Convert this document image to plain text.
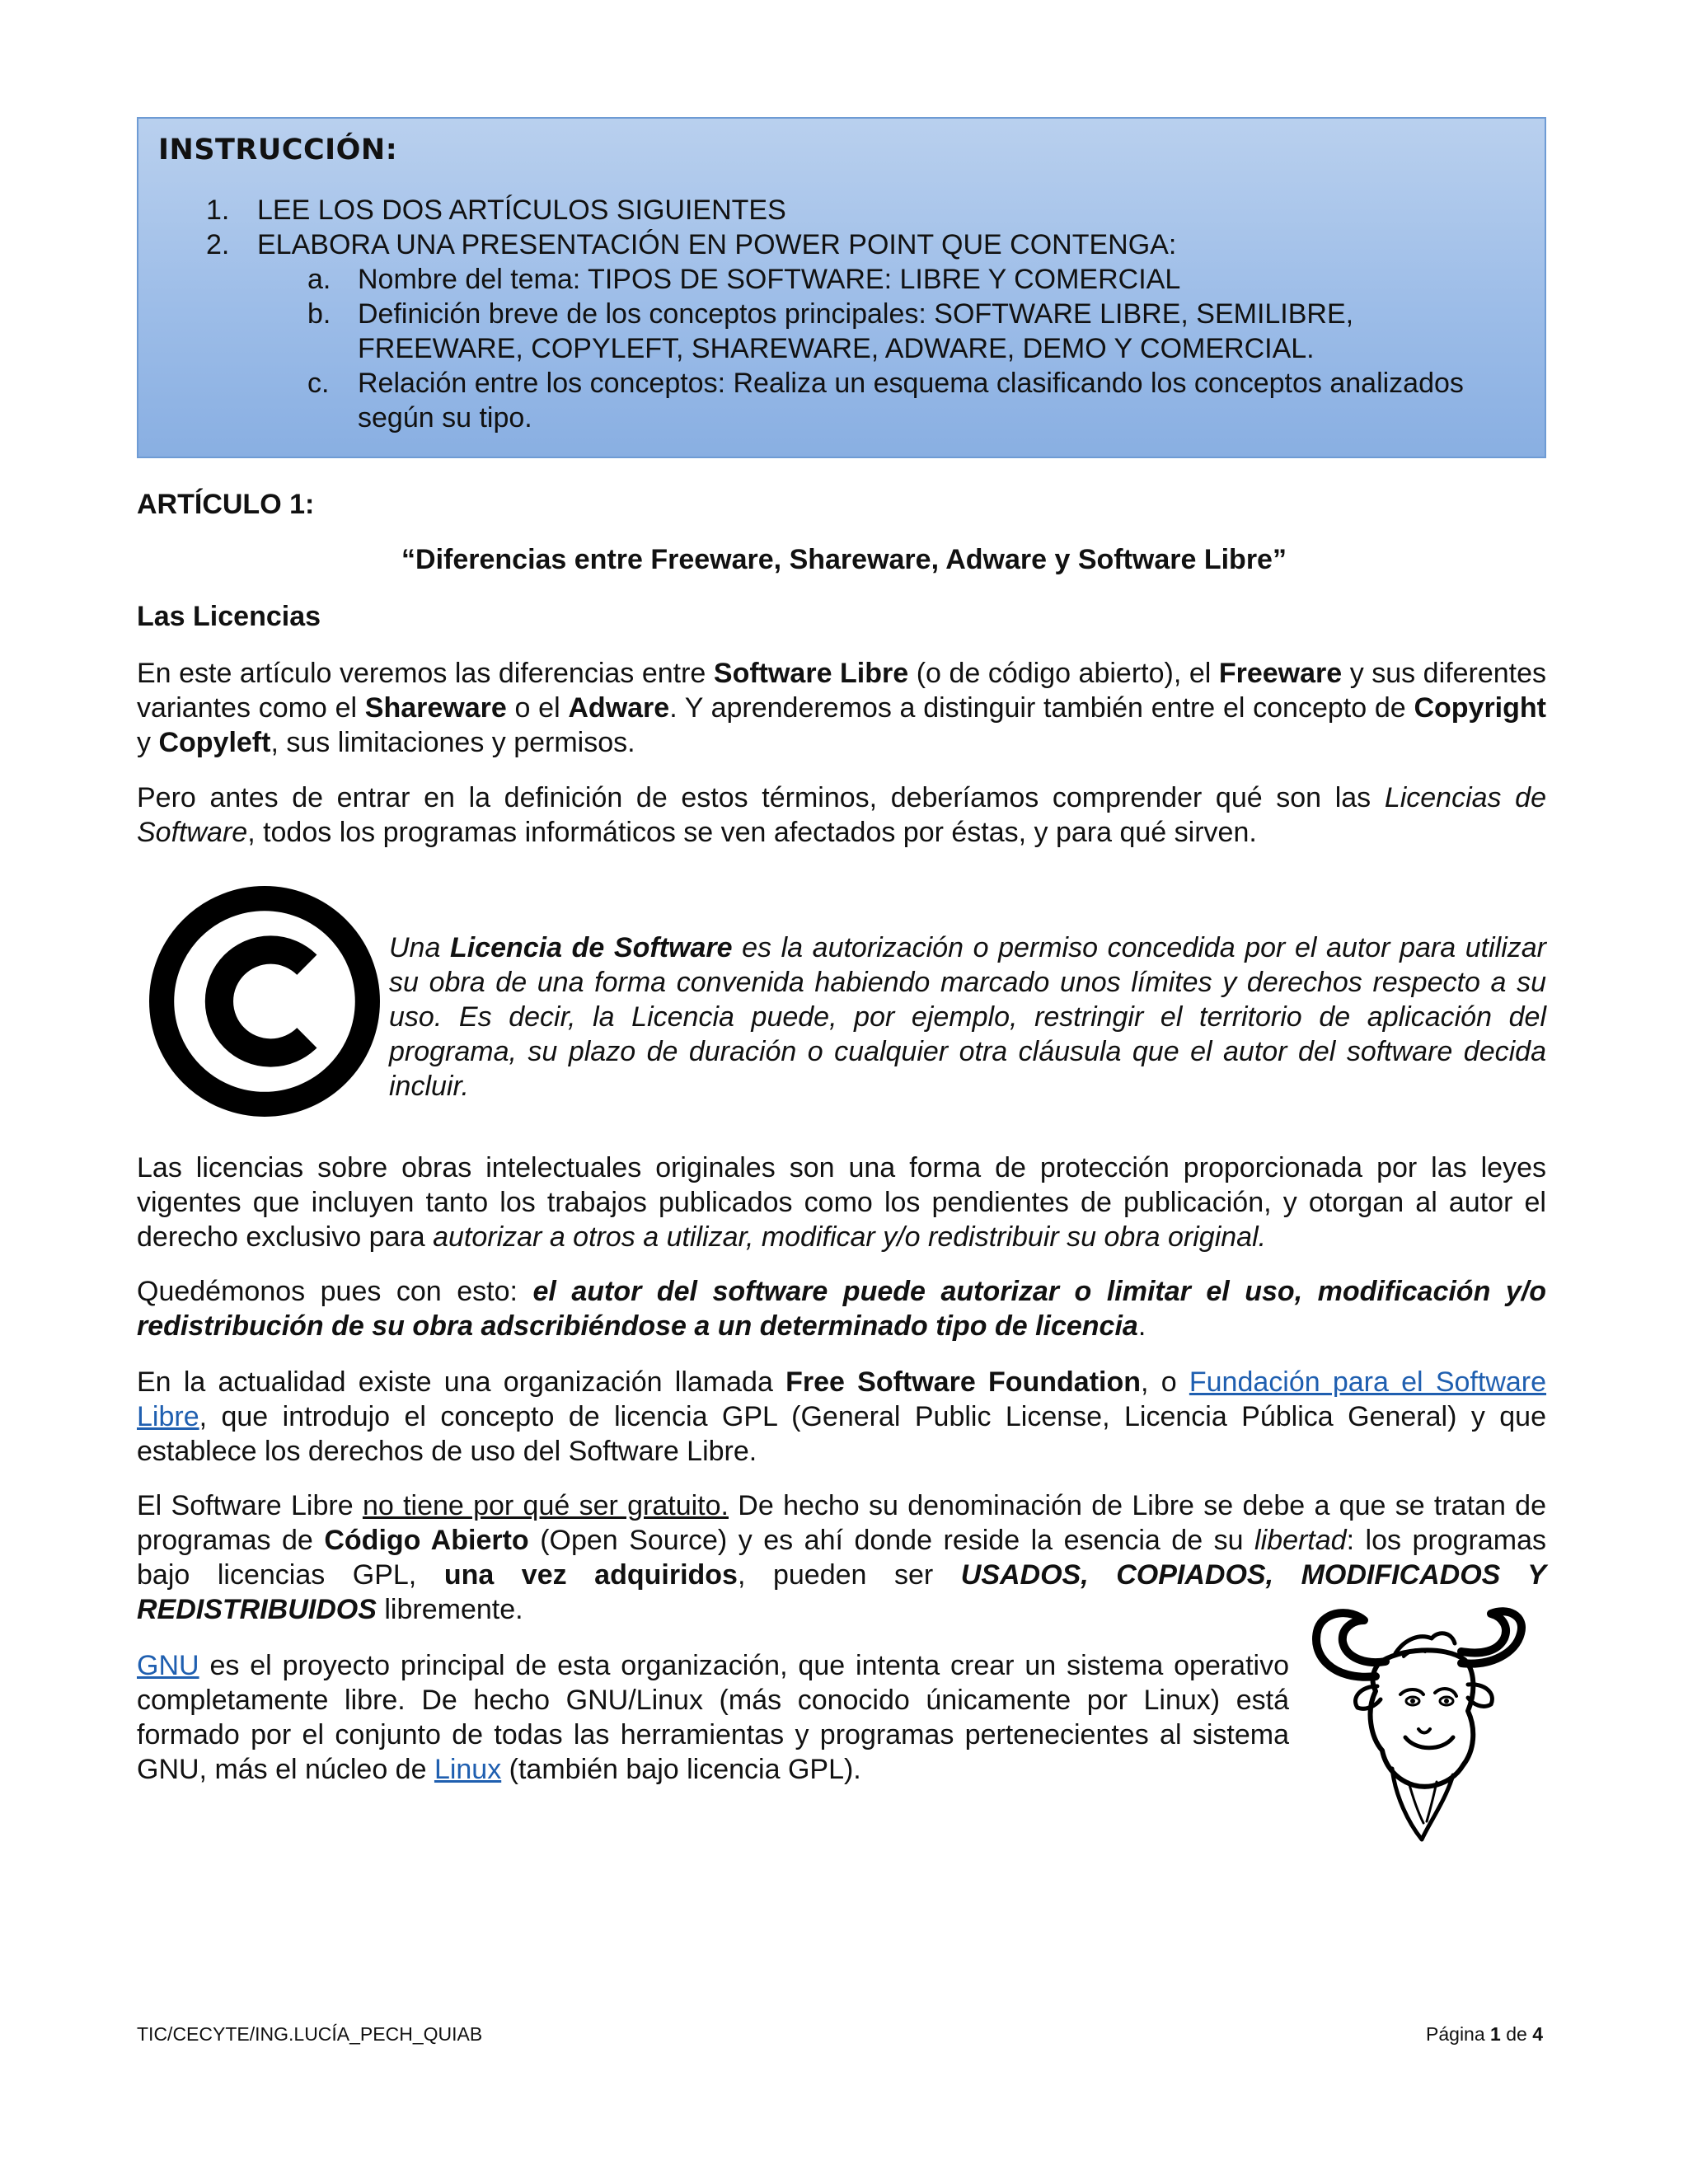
INSTRUCCIÓN:
1. LEE LOS DOS ARTÍCULOS SIGUIENTES
2. ELABORA UNA PRESENTACIÓN EN POWER POINT QUE CONTENGA:
a. Nombre del tema: TIPOS DE SOFTWARE: LIBRE Y COMERCIAL
b. Definición breve de los conceptos principales: SOFTWARE LIBRE, SEMILIBRE, FREEWARE, COPYLEFT, SHAREWARE, ADWARE, DEMO Y COMERCIAL.
c. Relación entre los conceptos: Realiza un esquema clasificando los conceptos analizados según su tipo.
ARTÍCULO 1:
“Diferencias entre Freeware, Shareware, Adware y Software Libre”
Las Licencias

En este artículo veremos las diferencias entre Software Libre (o de código abierto), el Freeware y sus diferentes variantes como el Shareware o el Adware. Y aprenderemos a distinguir también entre el concepto de Copyright y Copyleft, sus limitaciones y permisos.

Pero antes de entrar en la definición de estos términos, deberíamos comprender qué son las Licencias de Software, todos los programas informáticos se ven afectados por éstas, y para qué sirven.

Una Licencia de Software es la autorización o permiso concedida por el autor para utilizar su obra de una forma convenida habiendo marcado unos límites y derechos respecto a su uso. Es decir, la Licencia puede, por ejemplo, restringir el territorio de aplicación del programa, su plazo de duración o cualquier otra cláusula que el autor del software decida incluir.

Las licencias sobre obras intelectuales originales son una forma de protección proporcionada por las leyes vigentes que incluyen tanto los trabajos publicados como los pendientes de publicación, y otorgan al autor el derecho exclusivo para autorizar a otros a utilizar, modificar y/o redistribuir su obra original.

Quedémonos pues con esto: el autor del software puede autorizar o limitar el uso, modificación y/o redistribución de su obra adscribiéndose a un determinado tipo de licencia.

En la actualidad existe una organización llamada Free Software Foundation, o Fundación para el Software Libre, que introdujo el concepto de licencia GPL (General Public License, Licencia Pública General) y que establece los derechos de uso del Software Libre.

El Software Libre no tiene por qué ser gratuito. De hecho su denominación de Libre se debe a que se tratan de programas de Código Abierto (Open Source) y es ahí donde reside la esencia de su libertad: los programas bajo licencias GPL, una vez adquiridos, pueden ser USADOS, COPIADOS, MODIFICADOS Y REDISTRIBUIDOS libremente.

GNU es el proyecto principal de esta organización, que intenta crear un sistema operativo completamente libre. De hecho GNU/Linux (más conocido únicamente por Linux) está formado por el conjunto de todas las herramientas y programas pertenecientes al sistema GNU, más el núcleo de Linux (también bajo licencia GPL).

TIC/CECYTE/ING.LUCÍA_PECH_QUIAB	Página 1 de 4
